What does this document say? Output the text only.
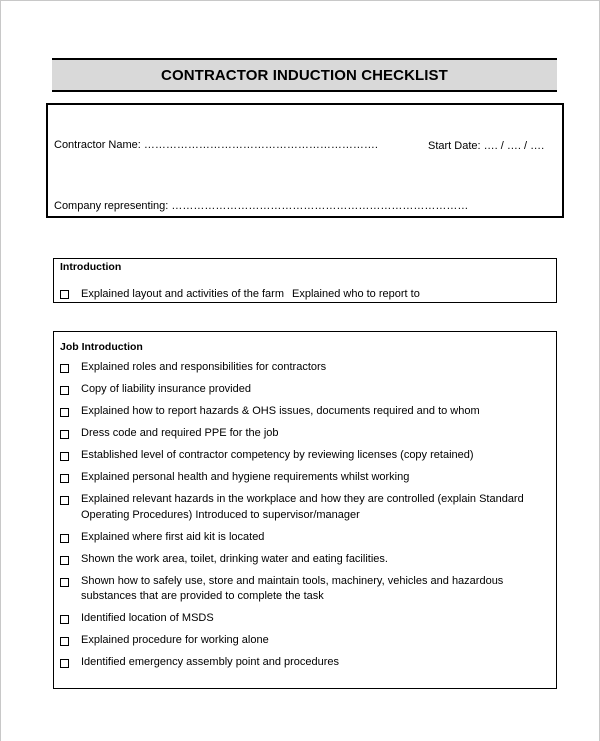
CONTRACTOR INDUCTION CHECKLIST
Contractor Name: ……………………………………………………….	Start Date: …. / …. / ….
Company representing: ………………………………………………………………………
Introduction
Explained layout and activities of the farm Explained who to report to
Job Introduction
Explained roles and responsibilities for contractors
Copy of liability insurance provided
Explained how to report hazards & OHS issues, documents required and to whom
Dress code and required PPE for the job
Established level of contractor competency by reviewing licenses (copy retained)
Explained personal health and hygiene requirements whilst working
Explained relevant hazards in the workplace and how they are controlled (explain Standard Operating Procedures) Introduced to supervisor/manager
Explained where first aid kit is located
Shown the work area, toilet, drinking water and eating facilities.
Shown how to safely use, store and maintain tools, machinery, vehicles and hazardous substances that are provided to complete the task
Identified location of MSDS
Explained procedure for working alone
Identified emergency assembly point and procedures
